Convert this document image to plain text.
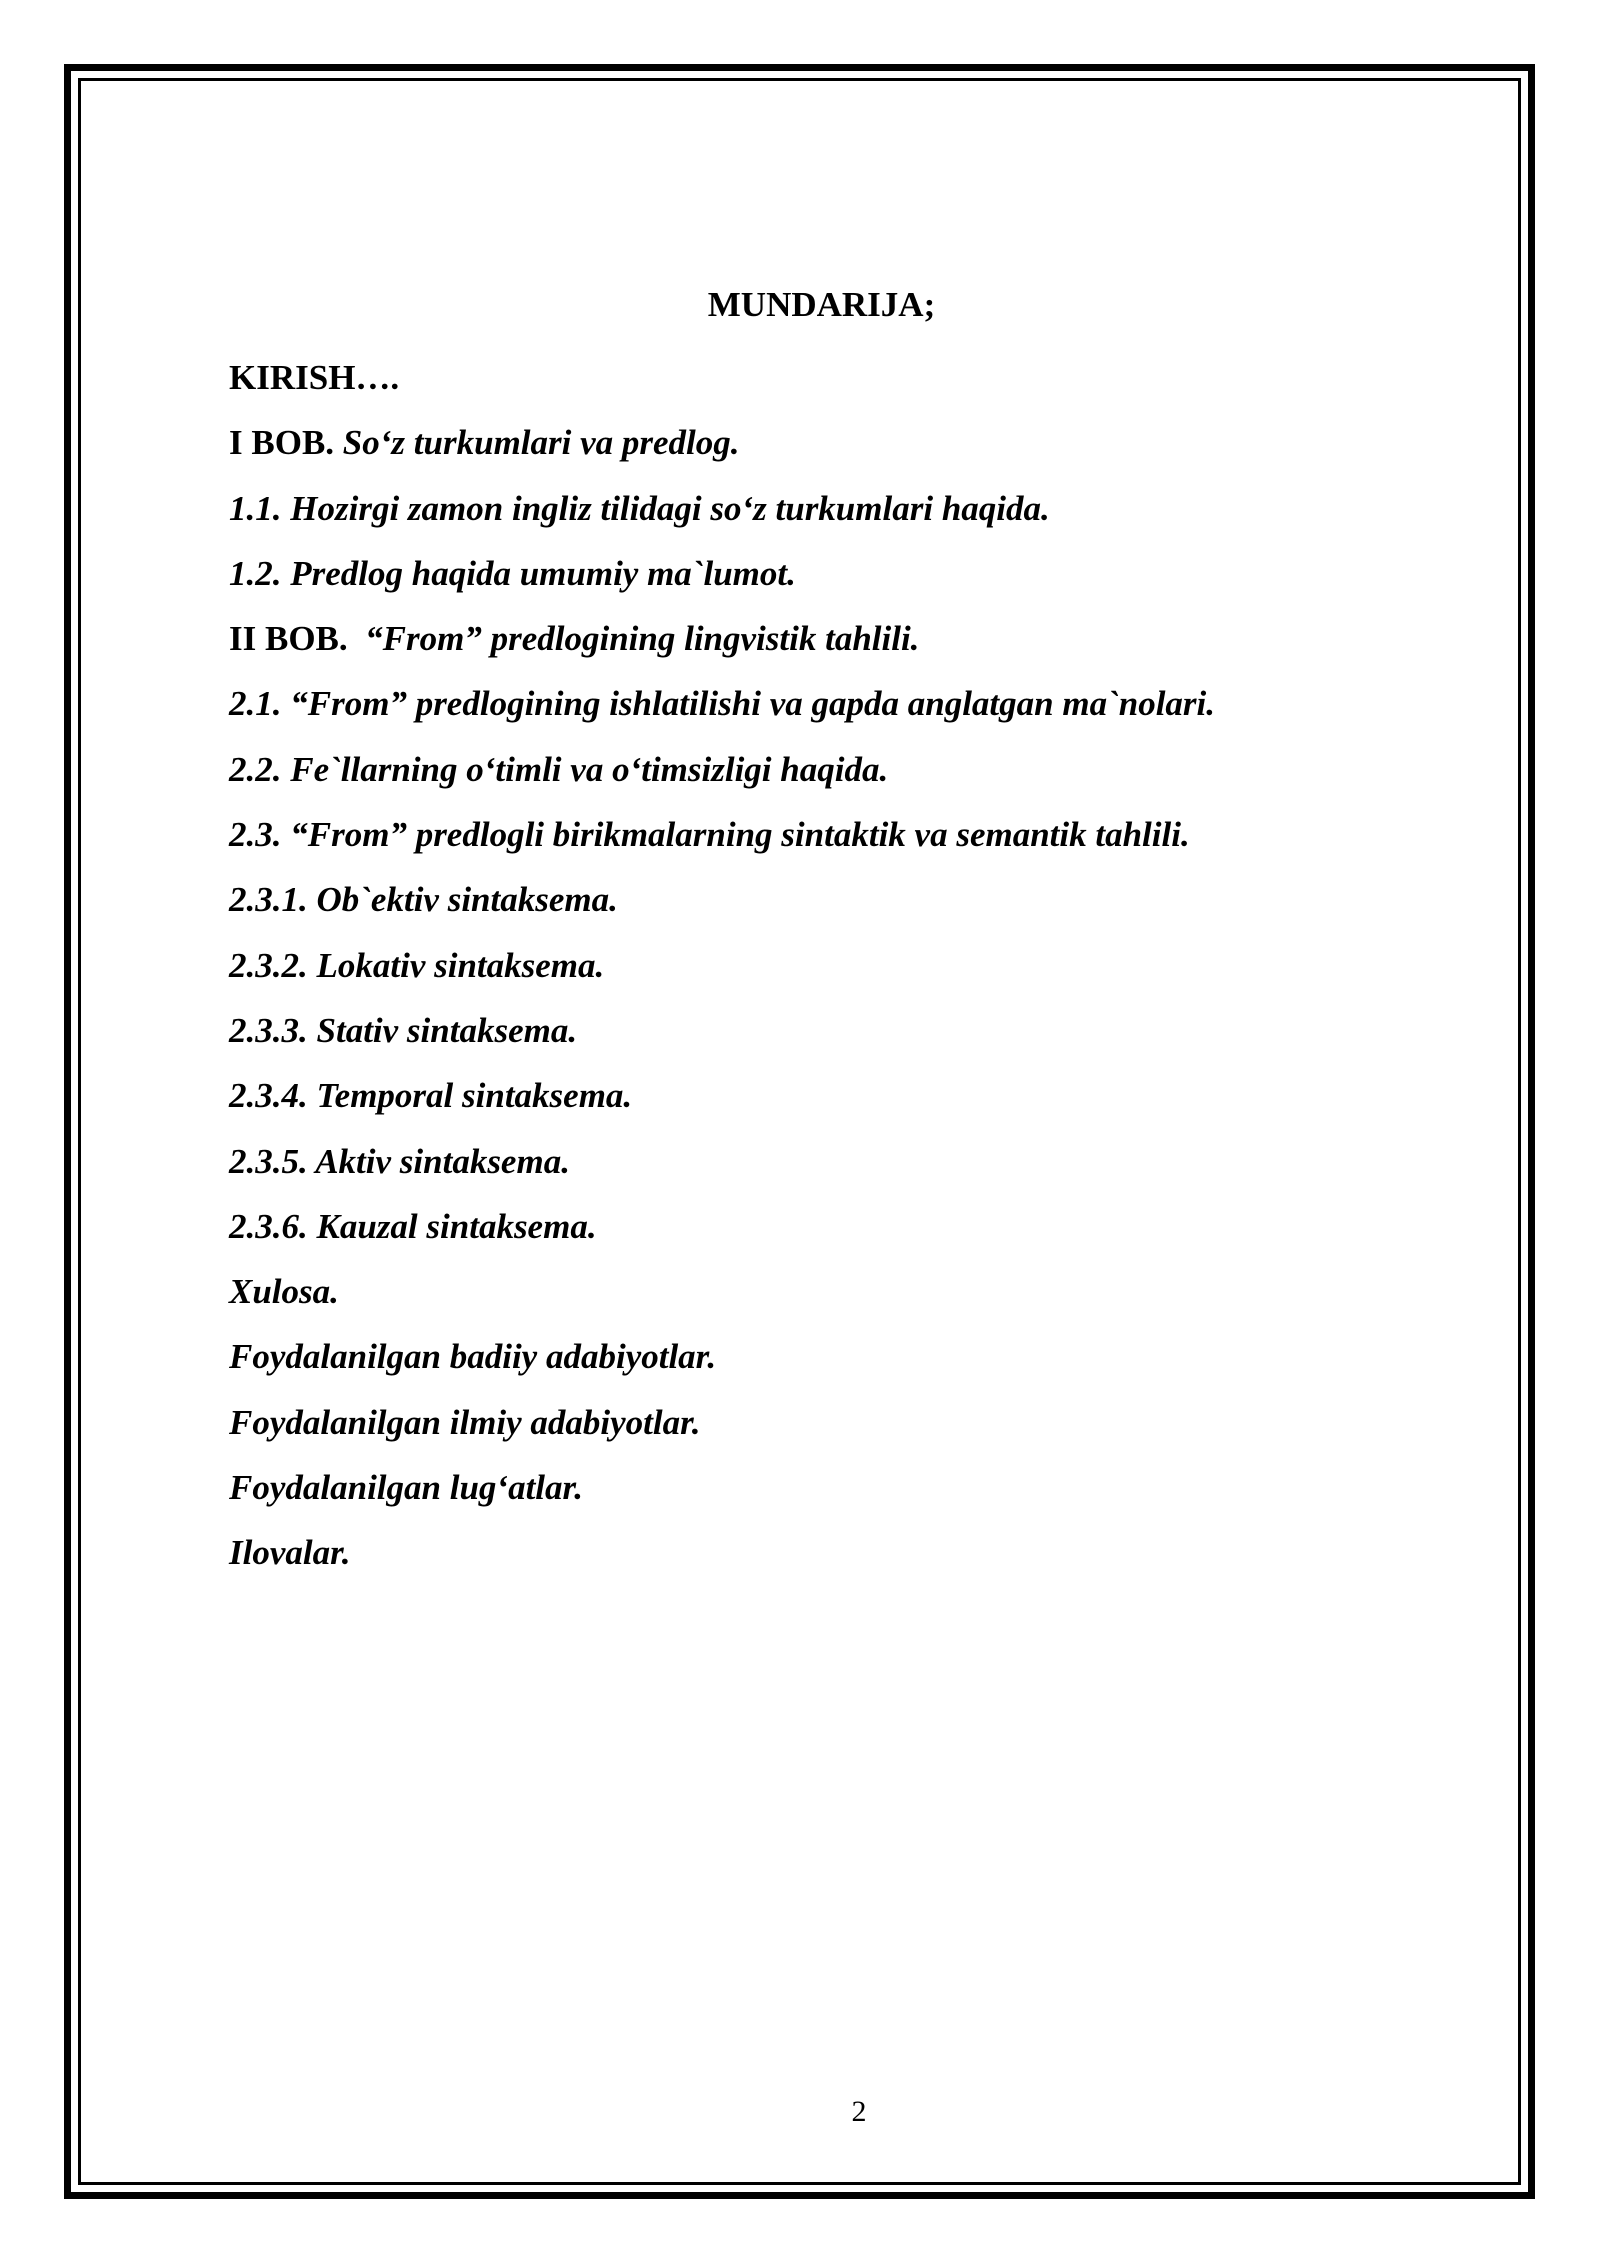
MUNDARIJA;
KIRISH….
I BOB. So‘z turkumlari va predlog.
1.1. Hozirgi zamon ingliz tilidagi so‘z turkumlari haqida.
1.2. Predlog haqida umumiy ma`lumot.
II BOB.  “From” predlogining lingvistik tahlili.
2.1. “From” predlogining ishlatilishi va gapda anglatgan ma`nolari.
2.2. Fe`llarning o‘timli va o‘timsizligi haqida.
2.3. “From” predlogli birikmalarning sintaktik va semantik tahlili.
2.3.1. Ob`ektiv sintaksema.
2.3.2. Lokativ sintaksema.
2.3.3. Stativ sintaksema.
2.3.4. Temporal sintaksema.
2.3.5. Aktiv sintaksema.
2.3.6. Kauzal sintaksema.
Xulosa.
Foydalanilgan badiiy adabiyotlar.
Foydalanilgan ilmiy adabiyotlar.
Foydalanilgan lug‘atlar.
Ilovalar.
2
